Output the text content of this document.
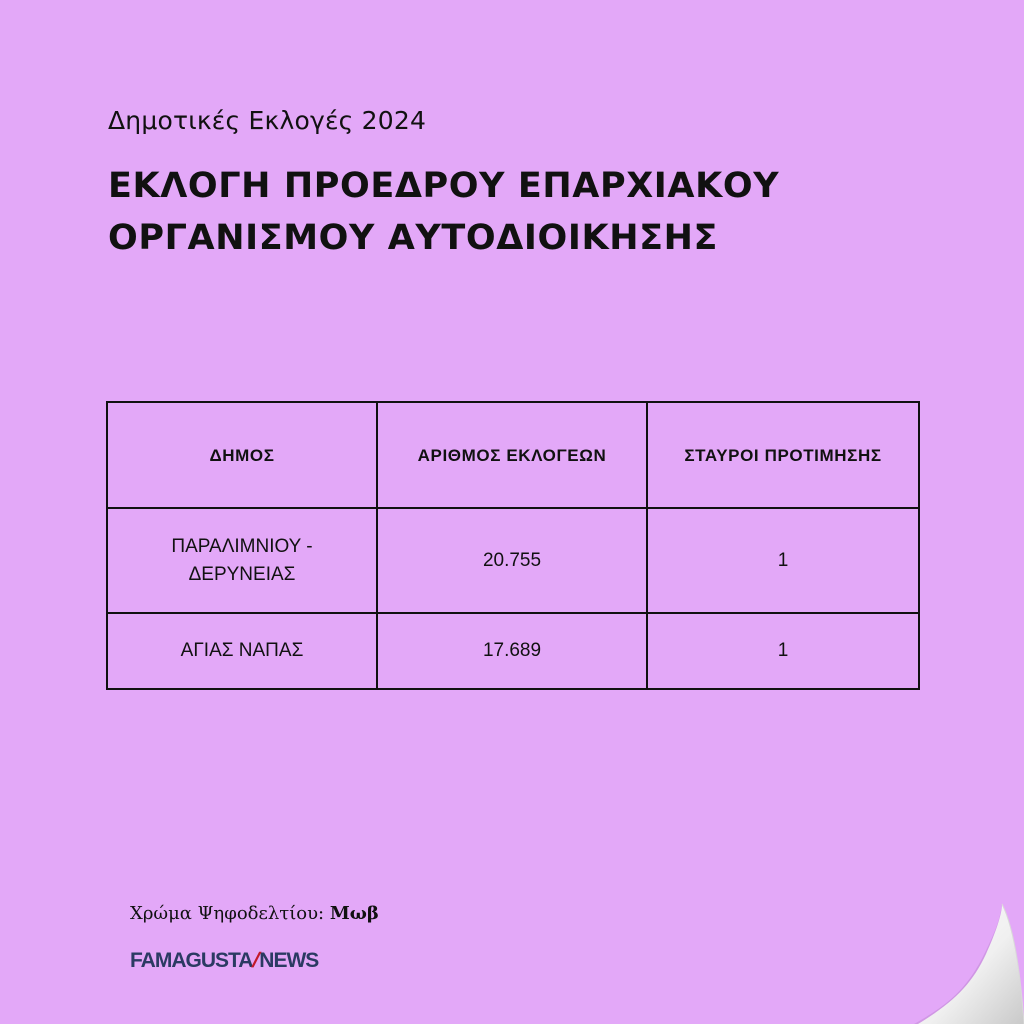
Δημοτικές Εκλογές 2024
ΕΚΛΟΓΗ ΠΡΟΕΔΡΟΥ ΕΠΑΡΧΙΑΚΟΥ
ΟΡΓΑΝΙΣΜΟΥ ΑΥΤΟΔΙΟΙΚΗΣΗΣ
ΔΗΜΟΣ	ΑΡΙΘΜΟΣ ΕΚΛΟΓΕΩΝ	ΣΤΑΥΡΟΙ ΠΡΟΤΙΜΗΣΗΣ
ΠΑΡΑΛΙΜΝΙΟΥ - ΔΕΡΥΝΕΙΑΣ	20.755	1
ΑΓΙΑΣ ΝΑΠΑΣ	17.689	1
Χρώμα Ψηφοδελτίου: Μωβ
FAMAGUSTA/NEWS
